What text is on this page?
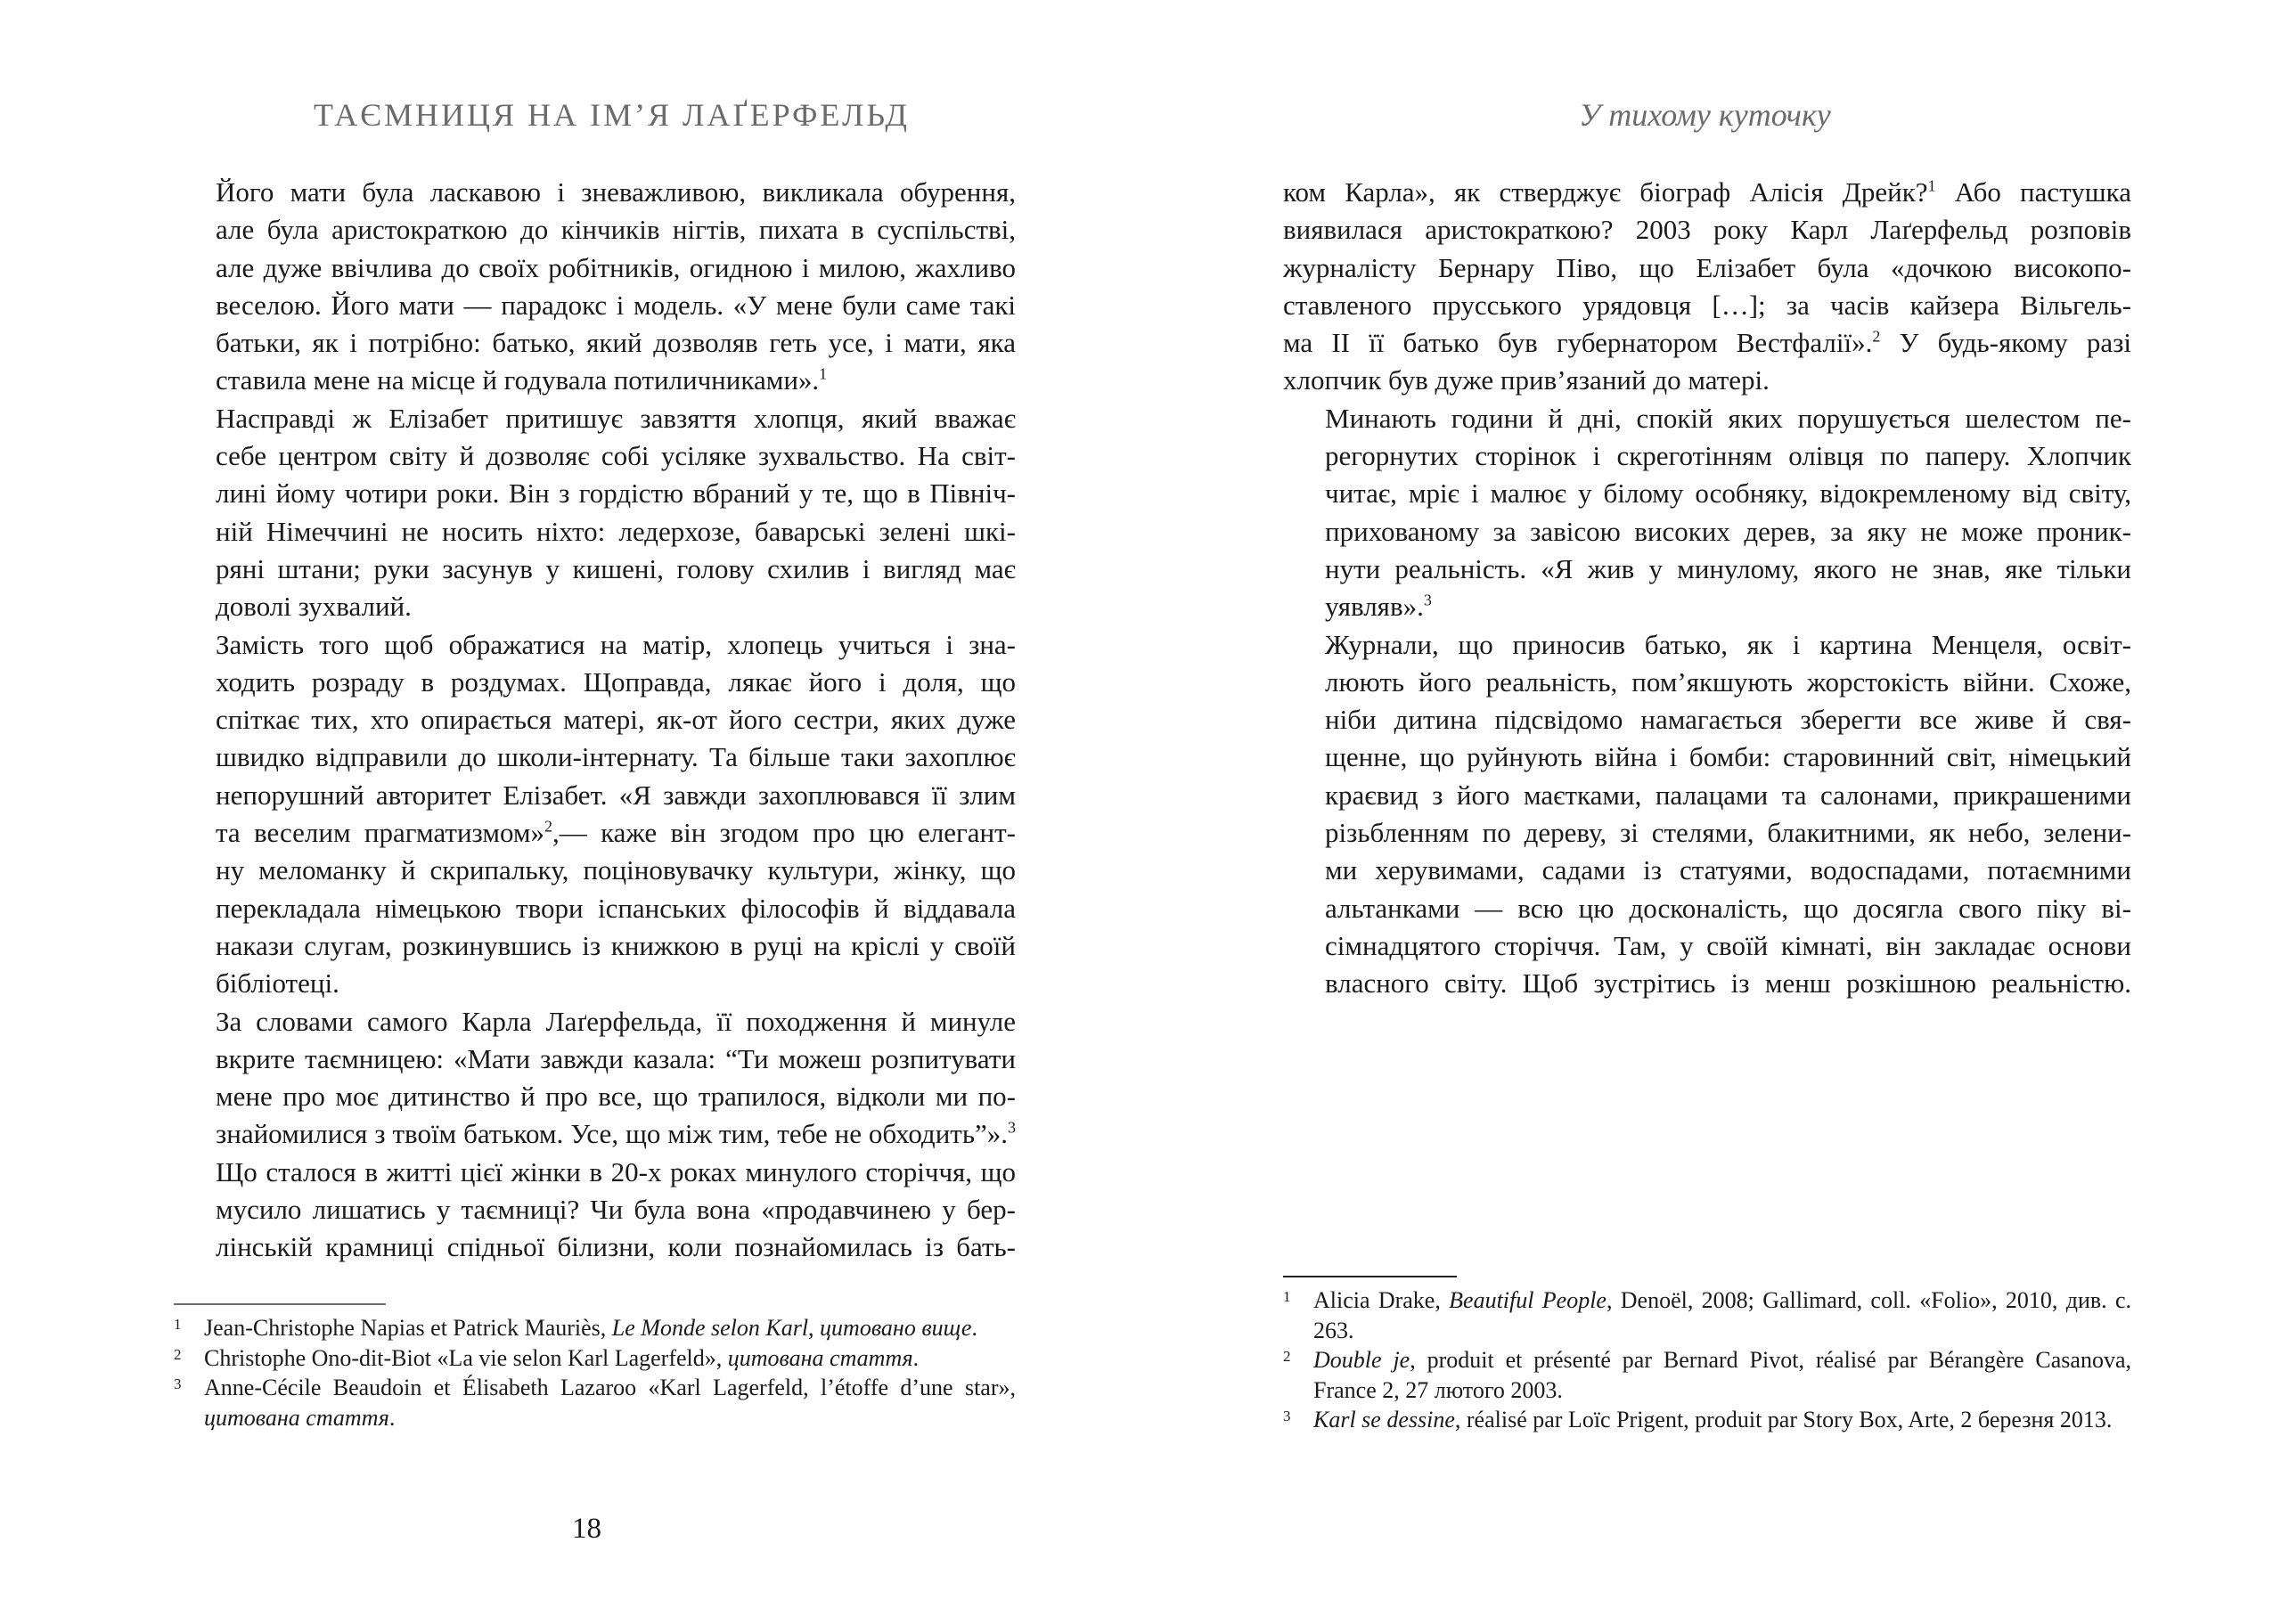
ТАЄМНИЦЯ НА ІМ’Я ЛАҐЕРФЕЛЬД

Його мати була ласкавою і зневажливою, викликала обурення,
але була аристократкою до кінчиків нігтів, пихата в суспільстві,
але дуже ввічлива до своїх робітників, огидною і милою, жахливо
веселою. Його мати — парадокс і модель. «У мене були саме такі
батьки, як і потрібно: батько, який дозволяв геть усе, і мати, яка
ставила мене на місце й годувала потиличниками».$^1$

Насправді ж Елізабет притишує завзяття хлопця, який вважає
себе центром світу й дозволяє собі усіляке зухвальство. На світ-
лині йому чотири роки. Він з гордістю вбраний у те, що в Північ-
ній Німеччині не носить ніхто: ледерхозе, баварські зелені шкі-
ряні штани; руки засунув у кишені, голову схилив і вигляд має
доволі зухвалий.

Замість того щоб ображатися на матір, хлопець учиться і зна-
ходить розраду в роздумах. Щоправда, лякає його і доля, що
спіткає тих, хто опирається матері, як-от його сестри, яких дуже
швидко відправили до школи-інтернату. Та більше таки захоплює
непорушний авторитет Елізабет. «Я завжди захоплювався її злим
та веселим прагматизмом»$^2$,— каже він згодом про цю елегант-
ну меломанку й скрипальку, поціновувачку культури, жінку, що
перекладала німецькою твори іспанських філософів й віддавала
накази слугам, розкинувшись із книжкою в руці на кріслі у своїй
бібліотеці.

За словами самого Карла Лаґерфельда, її походження й минуле
вкрите таємницею: «Мати завжди казала: “Ти можеш розпитувати
мене про моє дитинство й про все, що трапилося, відколи ми по-
знайомилися з твоїм батьком. Усе, що між тим, тебе не обходить”».$^3$
Що сталося в житті цієї жінки в 20-х роках минулого сторіччя, що
мусило лишатись у таємниці? Чи була вона «продавчинею у бер-
лінській крамниці спідньої білизни, коли познайомилась із бать-

1 Jean-Christophe Napias et Patrick Mauriès, Le Monde selon Karl, цитовано вище.

2 Christophe Ono-dit-Biot «La vie selon Karl Lagerfeld», цитована стаття.

3 Anne-Cécile Beaudoin et Élisabeth Lazaroo «Karl Lagerfeld, l’étoffe d’une star», цитована стаття.

18
У тихому куточку

ком Карла», як стверджує біограф Алісія Дрейк?$^1$ Або пастушка
виявилася аристократкою? 2003 року Карл Лаґерфельд розповів
журналісту Бернару Піво, що Елізабет була «дочкою високопо-
ставленого прусського урядовця […]; за часів кайзера Вільгель-
ма II її батько був губернатором Вестфалії».$^2$ У будь-якому разі
хлопчик був дуже прив’язаний до матері.

Минають години й дні, спокій яких порушується шелестом пе-
регорнутих сторінок і скреготінням олівця по паперу. Хлопчик
читає, мріє і малює у білому особняку, відокремленому від світу,
прихованому за завісою високих дерев, за яку не може проник-
нути реальність. «Я жив у минулому, якого не знав, яке тільки
уявляв».$^3$

Журнали, що приносив батько, як і картина Менцеля, освіт-
люють його реальність, пом’якшують жорстокість війни. Схоже,
ніби дитина підсвідомо намагається зберегти все живе й свя-
щенне, що руйнують війна і бомби: старовинний світ, німецький
краєвид з його маєтками, палацами та салонами, прикрашеними
різьбленням по дереву, зі стелями, блакитними, як небо, зелени-
ми херувимами, садами із статуями, водоспадами, потаємними
альтанками — всю цю досконалість, що досягла свого піку ві-
сімнадцятого сторіччя. Там, у своїй кімнаті, він закладає основи
власного світу. Щоб зустрітись із менш розкішною реальністю.

1 Alicia Drake, Beautiful People, Denoël, 2008; Gallimard, coll. «Folio», 2010, див. с. 263.

2 Double je, produit et présenté par Bernard Pivot, réalisé par Bérangère Casanova, France 2, 27 лютого 2003.

3 Karl se dessine, réalisé par Loïc Prigent, produit par Story Box, Arte, 2 березня 2013.
